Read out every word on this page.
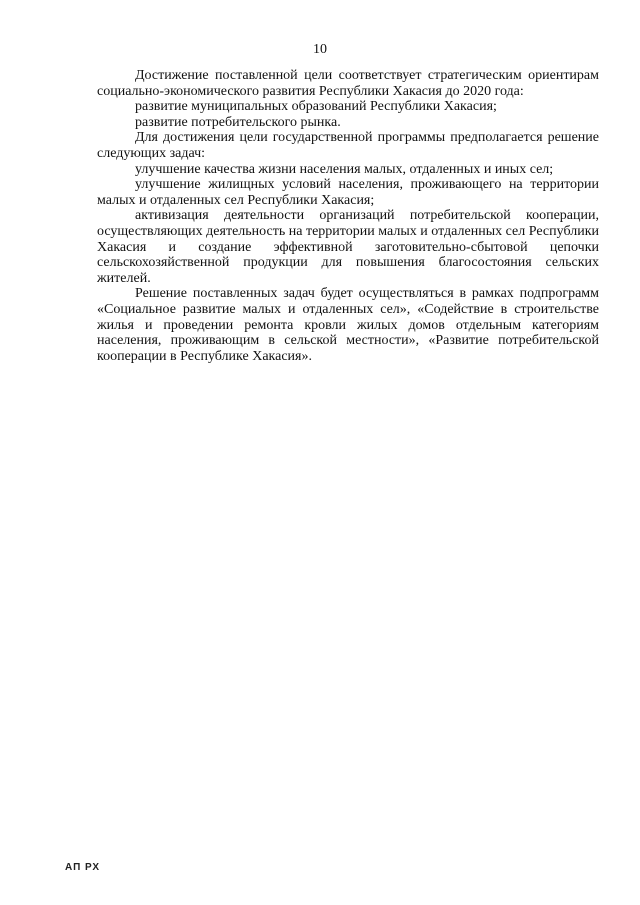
10

Достижение поставленной цели соответствует стратегическим ориентирам социально-экономического развития Республики Хакасия до 2020 года:

развитие муниципальных образований Республики Хакасия;

развитие потребительского рынка.

Для достижения цели государственной программы предполагается решение следующих задач:

улучшение качества жизни населения малых, отдаленных и иных сел;

улучшение жилищных условий населения, проживающего на территории малых и отдаленных сел Республики Хакасия;

активизация деятельности организаций потребительской кооперации, осуществляющих деятельность на территории малых и отдаленных сел Республики Хакасия и создание эффективной заготовительно-сбытовой цепочки сельскохозяйственной продукции для повышения благосостояния сельских жителей.

Решение поставленных задач будет осуществляться в рамках подпрограмм «Социальное развитие малых и отдаленных сел», «Содействие в строительстве жилья и проведении ремонта кровли жилых домов отдельным категориям населения, проживающим в сельской местности», «Развитие потребительской кооперации в Республике Хакасия».

АП РХ
